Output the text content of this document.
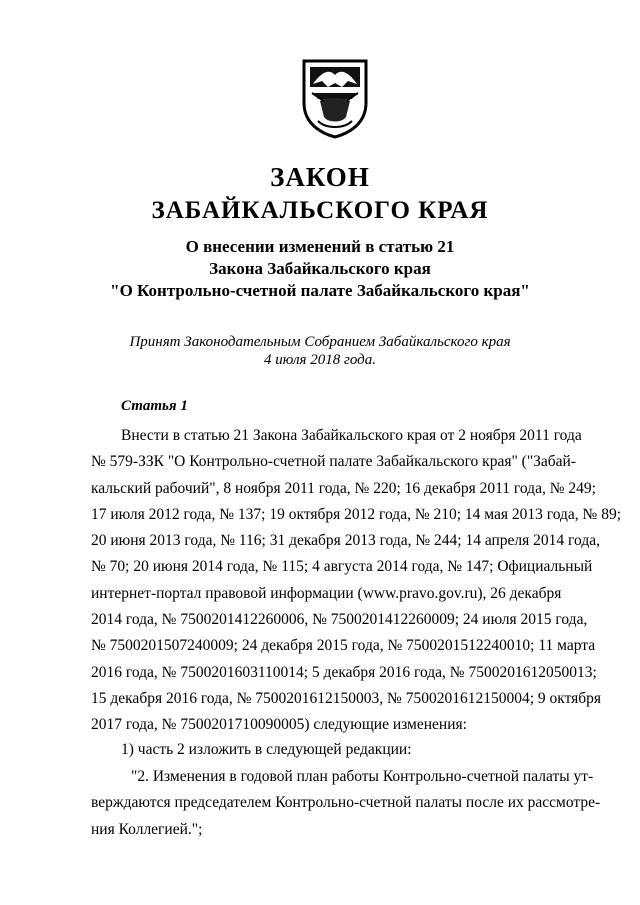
ЗАКОН
ЗАБАЙКАЛЬСКОГО КРАЯ
О внесении изменений в статью 21
Закона Забайкальского края
"О Контрольно-счетной палате Забайкальского края"
Принят Законодательным Собранием Забайкальского края
4 июля 2018 года.
Статья 1
Внести в статью 21 Закона Забайкальского края от 2 ноября 2011 года
№ 579-ЗЗК "О Контрольно-счетной палате Забайкальского края" ("Забай-
кальский рабочий", 8 ноября 2011 года, № 220; 16 декабря 2011 года, № 249;
17 июля 2012 года, № 137; 19 октября 2012 года, № 210; 14 мая 2013 года, № 89;
20 июня 2013 года, № 116; 31 декабря 2013 года, № 244; 14 апреля 2014 года,
№ 70; 20 июня 2014 года, № 115; 4 августа 2014 года, № 147; Официальный
интернет-портал правовой информации (www.pravo.gov.ru), 26 декабря
2014 года, № 7500201412260006, № 7500201412260009; 24 июля 2015 года,
№ 7500201507240009; 24 декабря 2015 года, № 7500201512240010; 11 марта
2016 года, № 7500201603110014; 5 декабря 2016 года, № 7500201612050013;
15 декабря 2016 года, № 7500201612150003, № 7500201612150004; 9 октября
2017 года, № 7500201710090005) следующие изменения:
1) часть 2 изложить в следующей редакции:
"2. Изменения в годовой план работы Контрольно-счетной палаты ут-
верждаются председателем Контрольно-счетной палаты после их рассмотре-
ния Коллегией.";
